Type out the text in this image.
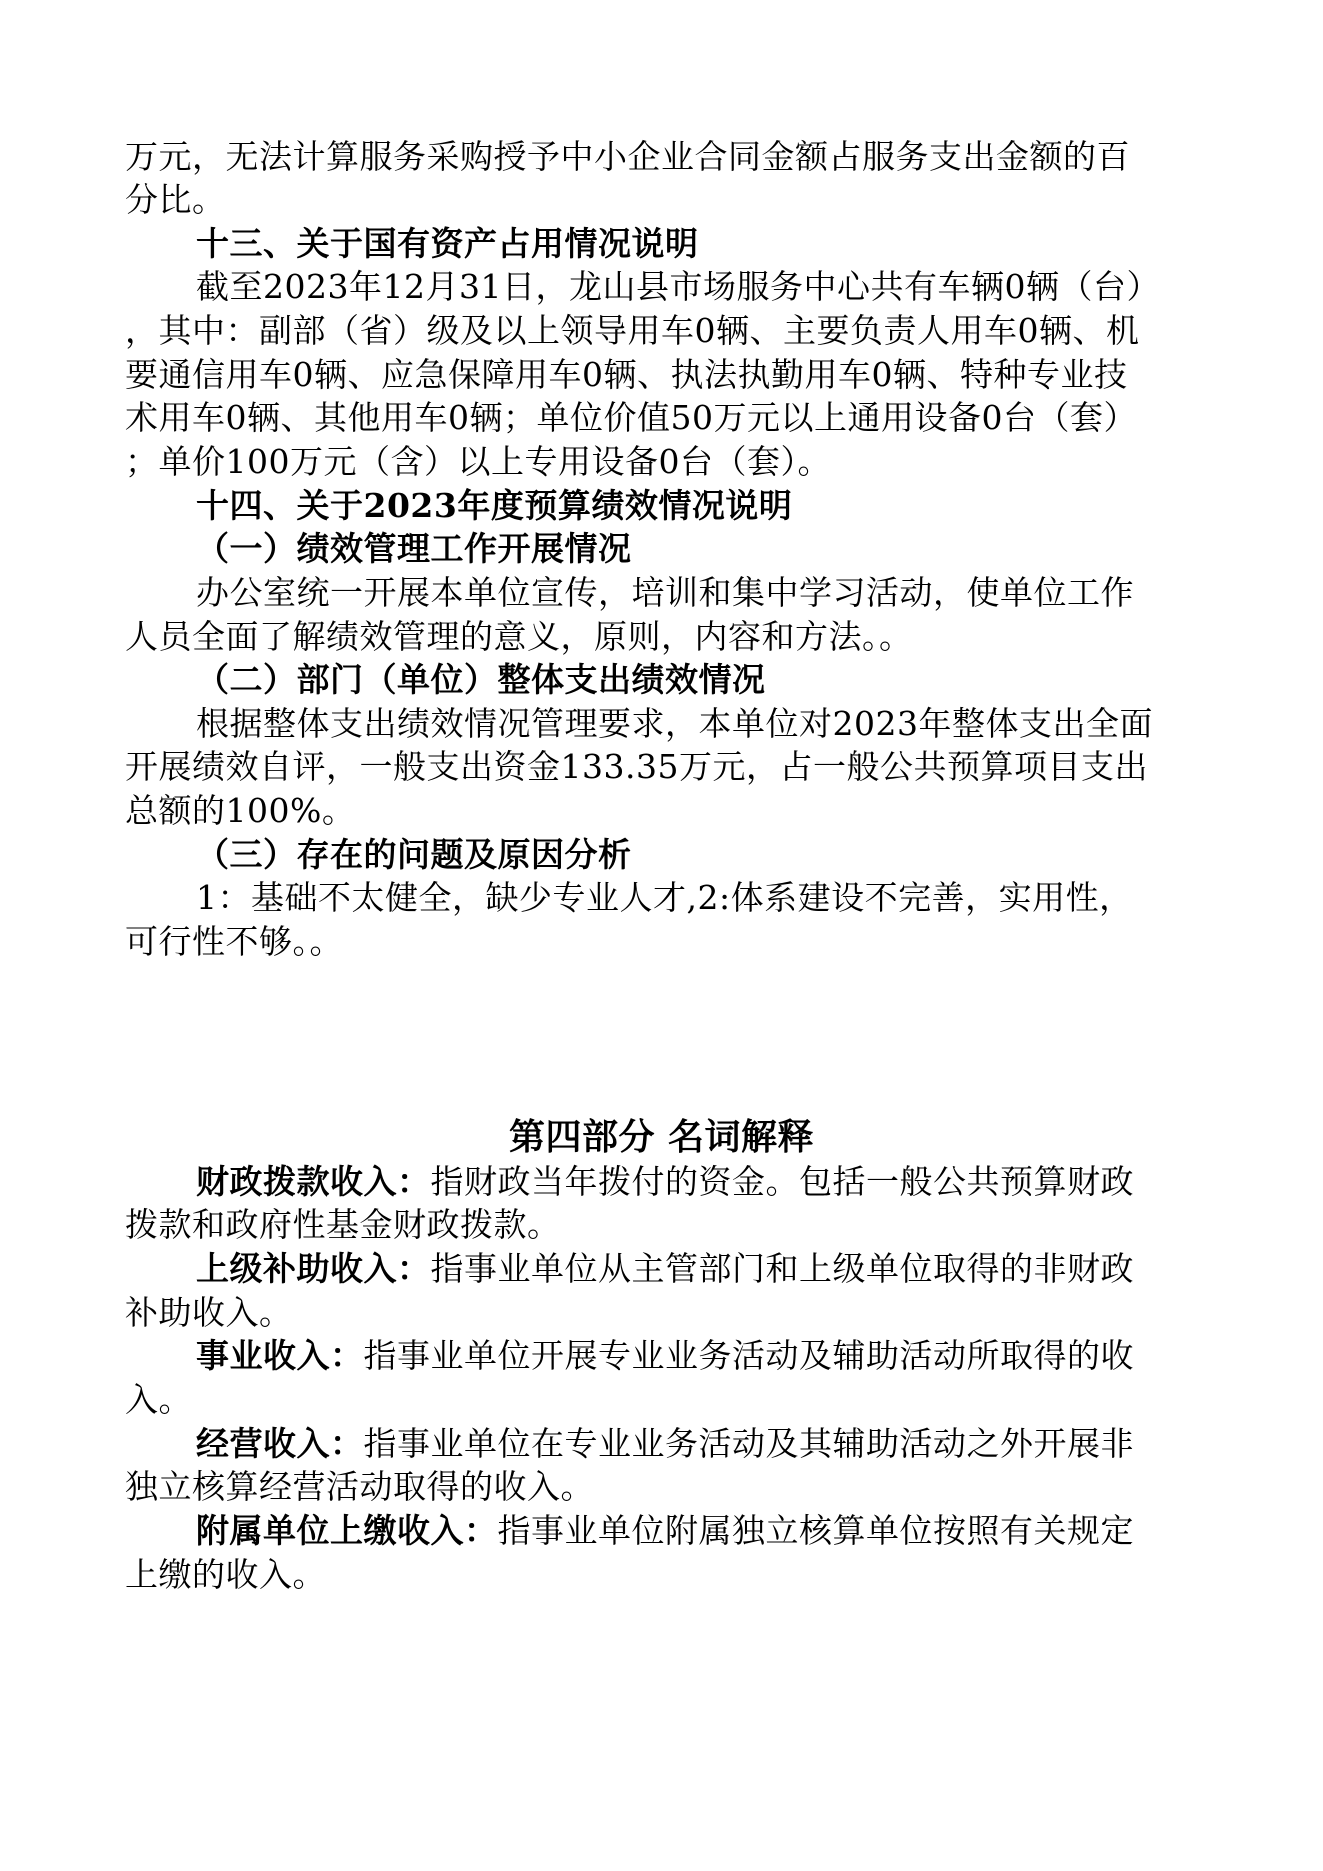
万元，无法计算服务采购授予中小企业合同金额占服务支出金额的百
分比。
十三、关于国有资产占用情况说明
截至2023年12月31日，龙山县市场服务中心共有车辆0辆（台）
，其中：副部（省）级及以上领导用车0辆、主要负责人用车0辆、机
要通信用车0辆、应急保障用车0辆、执法执勤用车0辆、特种专业技
术用车0辆、其他用车0辆；单位价值50万元以上通用设备0台（套）
；单价100万元（含）以上专用设备0台（套）。
十四、关于2023年度预算绩效情况说明
（一）绩效管理工作开展情况
办公室统一开展本单位宣传，培训和集中学习活动，使单位工作
人员全面了解绩效管理的意义，原则，内容和方法。。
（二）部门（单位）整体支出绩效情况
根据整体支出绩效情况管理要求，本单位对2023年整体支出全面
开展绩效自评，一般支出资金133.35万元，占一般公共预算项目支出
总额的100%。
（三）存在的问题及原因分析
1：基础不太健全，缺少专业人才,2:体系建设不完善，实用性，
可行性不够。。
第四部分 名词解释
财政拨款收入：指财政当年拨付的资金。包括一般公共预算财政
拨款和政府性基金财政拨款。
上级补助收入：指事业单位从主管部门和上级单位取得的非财政
补助收入。
事业收入：指事业单位开展专业业务活动及辅助活动所取得的收
入。
经营收入：指事业单位在专业业务活动及其辅助活动之外开展非
独立核算经营活动取得的收入。
附属单位上缴收入：指事业单位附属独立核算单位按照有关规定
上缴的收入。
